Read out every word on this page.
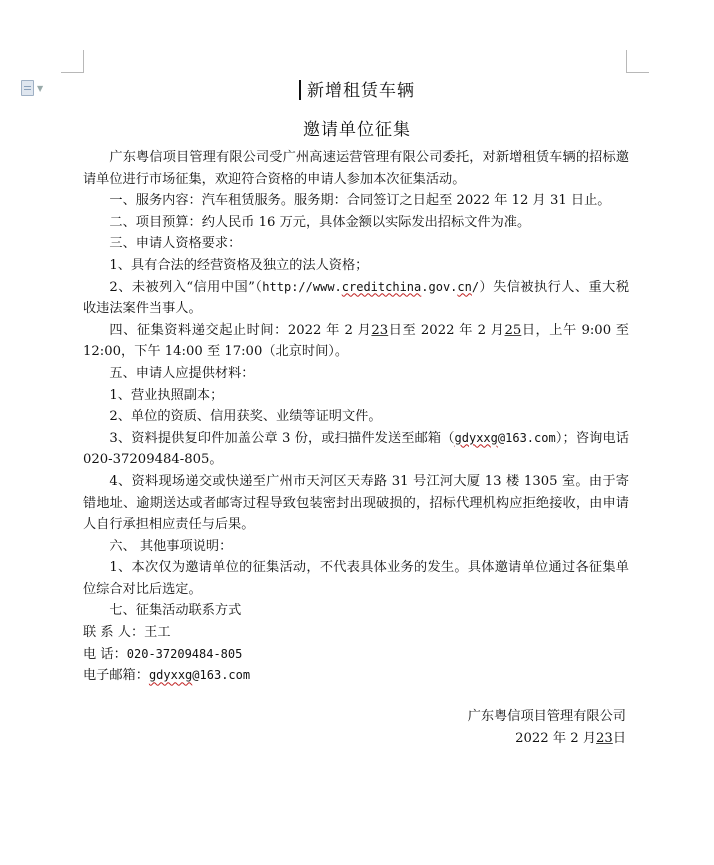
▼	新增租赁车辆
邀请单位征集

广东粤信项目管理有限公司受广州高速运营管理有限公司委托，对新增租赁车辆的招标邀请单位进行市场征集，欢迎符合资格的申请人参加本次征集活动。

一、服务内容：汽车租赁服务。服务期：合同签订之日起至 2022 年 12 月 31 日止。

二、项目预算：约人民币 16 万元，具体金额以实际发出招标文件为准。

三、申请人资格要求：

1、具有合法的经营资格及独立的法人资格；

2、未被列入“信用中国”（http://www.creditchina.gov.cn/）失信被执行人、重大税收违法案件当事人。

四、征集资料递交起止时间：2022 年 2 月23日至 2022 年 2 月25日，上午 9:00 至 12:00，下午 14:00 至 17:00（北京时间）。

五、申请人应提供材料：

1、营业执照副本；

2、单位的资质、信用获奖、业绩等证明文件。

3、资料提供复印件加盖公章 3 份，或扫描件发送至邮箱（gdyxxg@163.com）；咨询电话 020-37209484-805。

4、资料现场递交或快递至广州市天河区天寿路 31 号江河大厦 13 楼 1305 室。由于寄错地址、逾期送达或者邮寄过程导致包装密封出现破损的，招标代理机构应拒绝接收，由申请人自行承担相应责任与后果。

六、 其他事项说明：

1、本次仅为邀请单位的征集活动，不代表具体业务的发生。具体邀请单位通过各征集单位综合对比后选定。

七、征集活动联系方式

联 系 人：王工

电 话：020-37209484-805

电子邮箱：gdyxxg@163.com

广东粤信项目管理有限公司
2022 年 2 月23日
